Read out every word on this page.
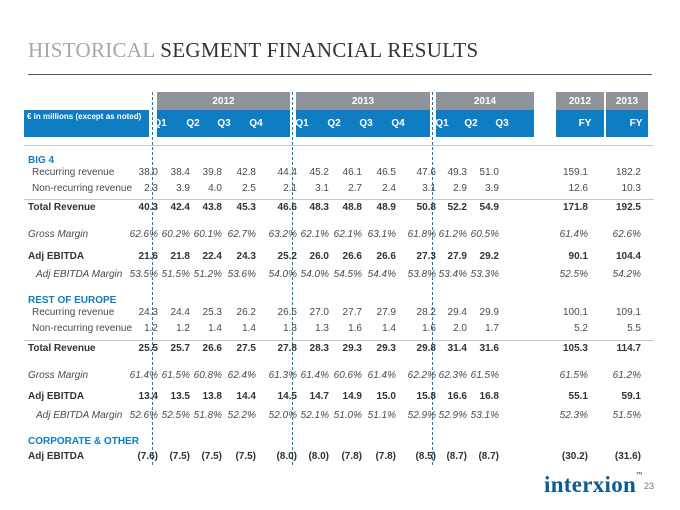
HISTORICAL SEGMENT FINANCIAL RESULTS
2012	2013	2014	2012	2013
€ in millions (except as noted)
BIG 4
Recurring revenue	38.0	38.4	39.8	42.8	44.4	45.2	46.1	46.5	47.6	49.3	51.0	159.1	182.2
Non-recurring revenue	2.3	3.9	4.0	2.5	2.1	3.1	2.7	2.4	3.1	2.9	3.9	12.6	10.3
Total Revenue	40.3	42.4	43.8	45.3	46.6	48.3	48.8	48.9	50.8	52.2	54.9	171.8	192.5
Gross Margin	62.6% 60.2% 60.1% 62.7%	63.2% 62.1% 62.1% 63.1%	61.8% 61.2% 60.5%	61.4%	62.6%
Adj EBITDA	21.6	21.8	22.4	24.3	25.2	26.0	26.6	26.6	27.3	27.9	29.2	90.1	104.4
Adj EBITDA Margin 53.5% 51.5% 51.2% 53.6%	54.0% 54.0% 54.5% 54.4%	53.8% 53.4% 53.3%	52.5%	54.2%
REST OF EUROPE
Recurring revenue	24.3	24.4	25.3	26.2	26.5	27.0	27.7	27.9	28.2	29.4	29.9	100.1	109.1
Non-recurring revenue	1.2	1.2	1.4	1.4	1.3	1.3	1.6	1.4	1.6	2.0	1.7	5.2	5.5
Total Revenue	25.5	25.7	26.6	27.5	27.8	28.3	29.3	29.3	29.8	31.4	31.6	105.3	114.7
Gross Margin	61.4% 61.5% 60.8% 62.4%	61.3% 61.4% 60.6% 61.4%	62.2% 62.3% 61.5%	61.5%	61.2%
Adj EBITDA	13.4	13.5	13.8	14.4	14.5	14.7	14.9	15.0	15.8	16.6	16.8	55.1	59.1
Adj EBITDA Margin 52.6% 52.5% 51.8% 52.2%	52.0% 52.1% 51.0% 51.1%	52.9% 52.9% 53.1%	52.3%	51.5%
CORPORATE & OTHER
Adj EBITDA	(7.6)	(7.5)	(7.5)	(7.5)	(8.0)	(8.0)	(7.8)	(7.8)	(8.5)	(8.7)	(8.7)	(30.2)	(31.6)
interxion™
23
Q1	Q2	Q3	Q4	Q1	Q2	Q3	Q4	Q1	Q2	Q3	FY	FY
